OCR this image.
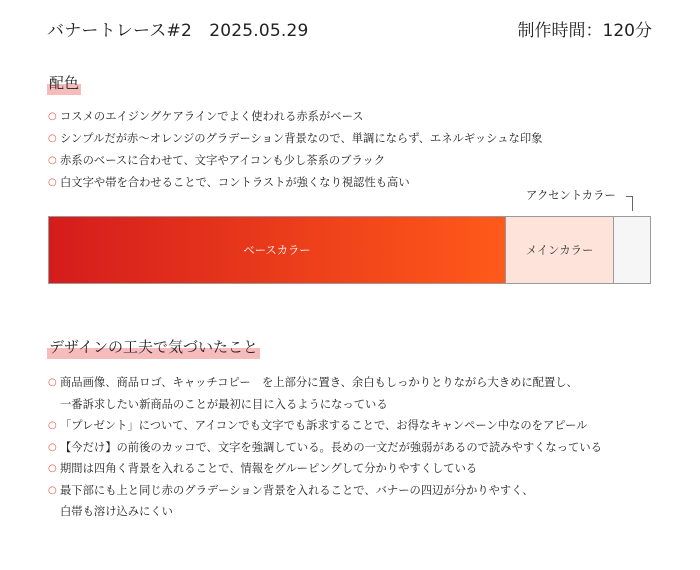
バナートレース#2　2025.05.29	制作時間：120分
配色
○ コスメのエイジングケアラインでよく使われる赤系がベース
○ シンプルだが赤〜オレンジのグラデーション背景なので、単調にならず、エネルギッシュな印象
○ 赤系のベースに合わせて、文字やアイコンも少し茶系のブラック
○ 白文字や帯を合わせることで、コントラストが強くなり視認性も高い
アクセントカラー
ベースカラー	メインカラー
デザインの工夫で気づいたこと
○ 商品画像、商品ロゴ、キャッチコピー　を上部分に置き、余白もしっかりとりながら大きめに配置し、
一番訴求したい新商品のことが最初に目に入るようになっている
○ 「プレゼント」について、アイコンでも文字でも訴求することで、お得なキャンペーン中なのをアピール
○ 【今だけ】の前後のカッコで、文字を強調している。長めの一文だが強弱があるので読みやすくなっている
○ 期間は四角く背景を入れることで、情報をグルーピングして分かりやすくしている
○ 最下部にも上と同じ赤のグラデーション背景を入れることで、バナーの四辺が分かりやすく、
白帯も溶け込みにくい
